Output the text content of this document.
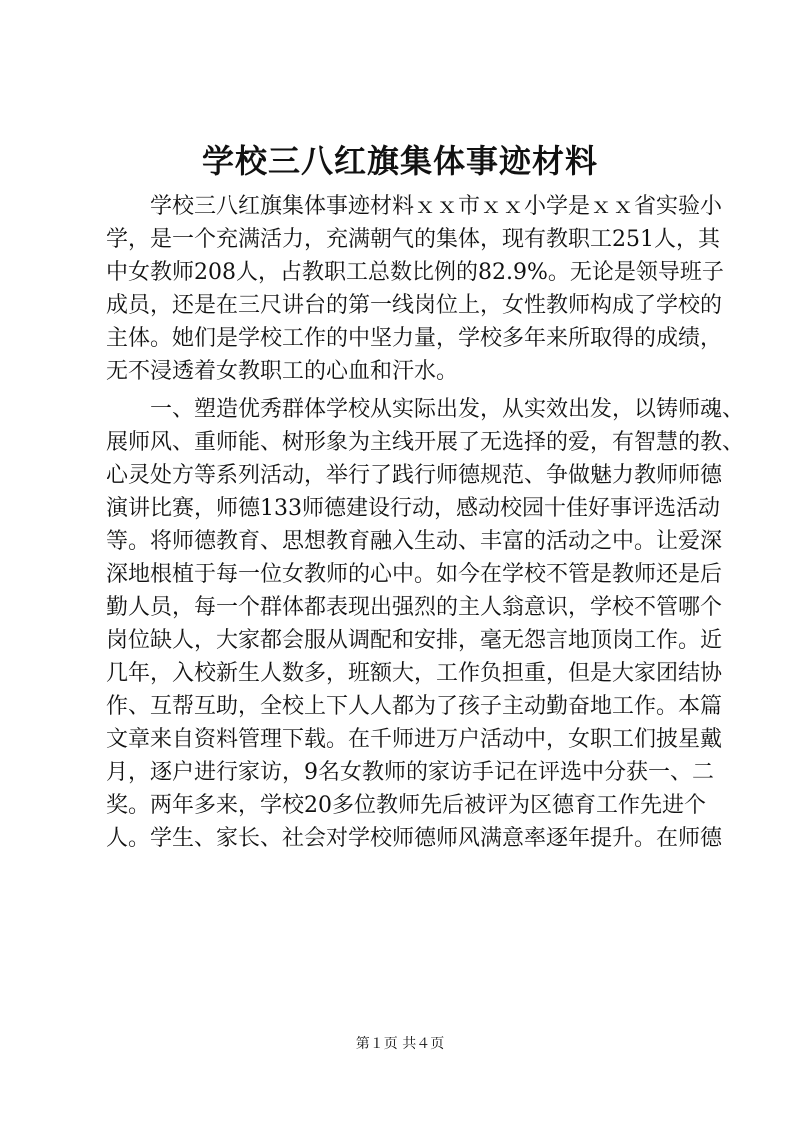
学校三八红旗集体事迹材料
学校三八红旗集体事迹材料ｘｘ市ｘｘ小学是ｘｘ省实验小
学，是一个充满活力，充满朝气的集体，现有教职工251人，其
中女教师208人，占教职工总数比例的82.9%。无论是领导班子
成员，还是在三尺讲台的第一线岗位上，女性教师构成了学校的
主体。她们是学校工作的中坚力量，学校多年来所取得的成绩，
无不浸透着女教职工的心血和汗水。
一、塑造优秀群体学校从实际出发，从实效出发，以铸师魂、
展师风、重师能、树形象为主线开展了无选择的爱，有智慧的教、
心灵处方等系列活动，举行了践行师德规范、争做魅力教师师德
演讲比赛，师德133师德建设行动，感动校园十佳好事评选活动
等。将师德教育、思想教育融入生动、丰富的活动之中。让爱深
深地根植于每一位女教师的心中。如今在学校不管是教师还是后
勤人员，每一个群体都表现出强烈的主人翁意识，学校不管哪个
岗位缺人，大家都会服从调配和安排，毫无怨言地顶岗工作。近
几年，入校新生人数多，班额大，工作负担重，但是大家团结协
作、互帮互助，全校上下人人都为了孩子主动勤奋地工作。本篇
文章来自资料管理下载。在千师进万户活动中，女职工们披星戴
月，逐户进行家访，9名女教师的家访手记在评选中分获一、二
奖。两年多来，学校20多位教师先后被评为区德育工作先进个
人。学生、家长、社会对学校师德师风满意率逐年提升。在师德
第１页 共４页
